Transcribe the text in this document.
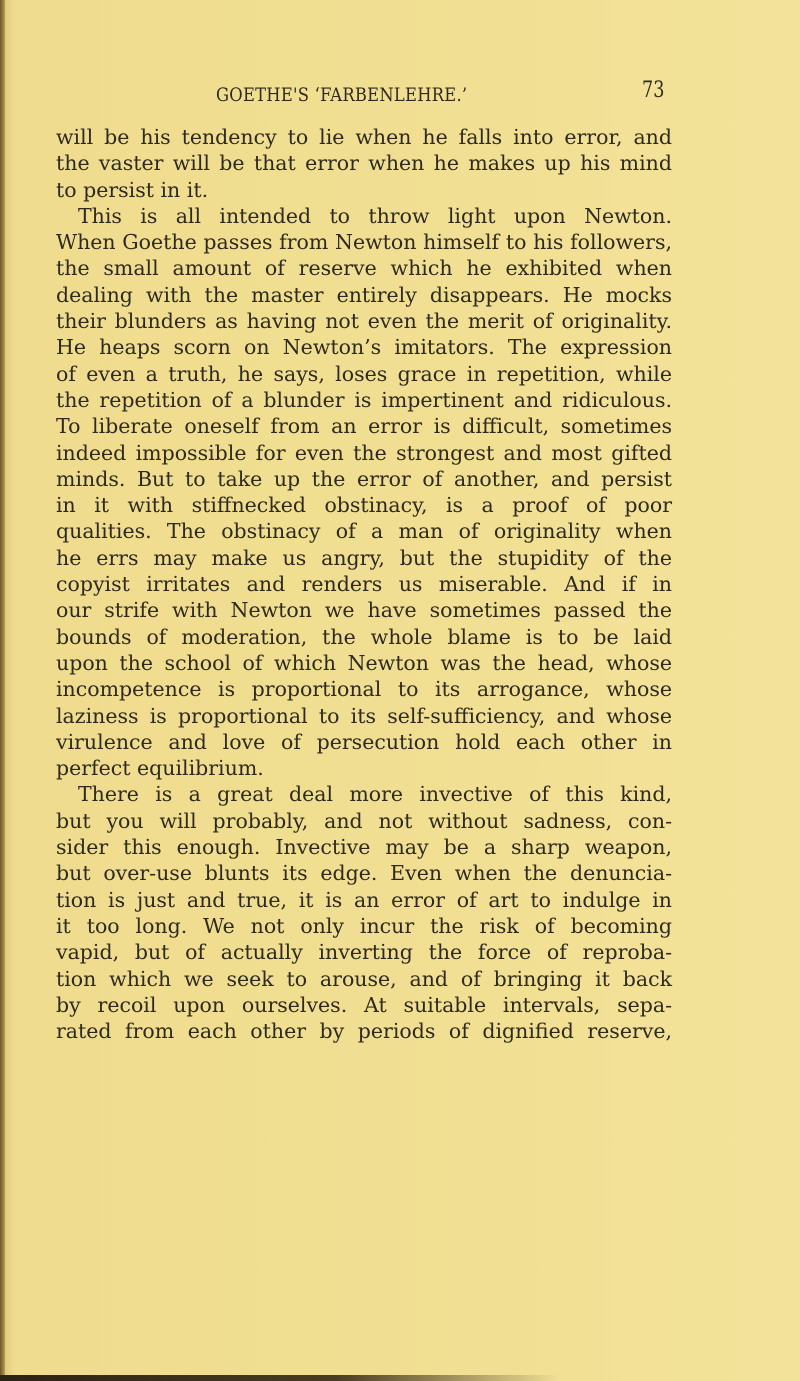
GOETHE'S ‘FARBENLEHRE.’	73
will be his tendency to lie when he falls into error, and
the vaster will be that error when he makes up his mind
to persist in it.
This is all intended to throw light upon Newton.
When Goethe passes from Newton himself to his followers,
the small amount of reserve which he exhibited when
dealing with the master entirely disappears. He mocks
their blunders as having not even the merit of originality.
He heaps scorn on Newton’s imitators. The expression
of even a truth, he says, loses grace in repetition, while
the repetition of a blunder is impertinent and ridiculous.
To liberate oneself from an error is difficult, sometimes
indeed impossible for even the strongest and most gifted
minds. But to take up the error of another, and persist
in it with stiffnecked obstinacy, is a proof of poor
qualities. The obstinacy of a man of originality when
he errs may make us angry, but the stupidity of the
copyist irritates and renders us miserable. And if in
our strife with Newton we have sometimes passed the
bounds of moderation, the whole blame is to be laid
upon the school of which Newton was the head, whose
incompetence is proportional to its arrogance, whose
laziness is proportional to its self-sufficiency, and whose
virulence and love of persecution hold each other in
perfect equilibrium.
There is a great deal more invective of this kind,
but you will probably, and not without sadness, con-
sider this enough. Invective may be a sharp weapon,
but over-use blunts its edge. Even when the denuncia-
tion is just and true, it is an error of art to indulge in
it too long. We not only incur the risk of becoming
vapid, but of actually inverting the force of reproba-
tion which we seek to arouse, and of bringing it back
by recoil upon ourselves. At suitable intervals, sepa-
rated from each other by periods of dignified reserve,
